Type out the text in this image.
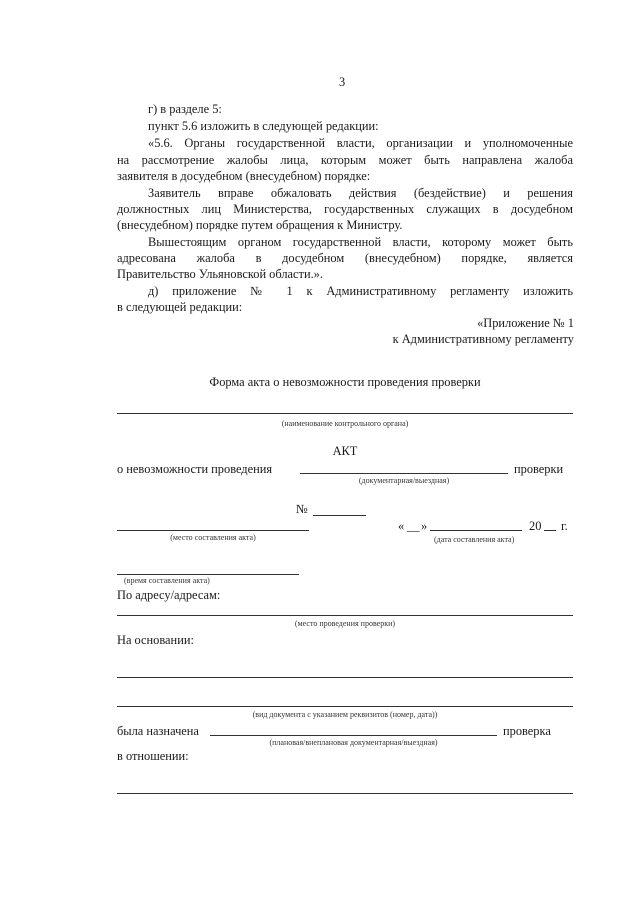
3
г) в разделе 5:
пункт 5.6 изложить в следующей редакции:
«5.6. Органы государственной власти, организации и уполномоченные
на рассмотрение жалобы лица, которым может быть направлена жалоба
заявителя в досудебном (внесудебном) порядке:
Заявитель вправе обжаловать действия (бездействие) и решения
должностных лиц Министерства, государственных служащих в досудебном
(внесудебном) порядке путем обращения к Министру.
Вышестоящим органом государственной власти, которому может быть
адресована жалоба в досудебном (внесудебном) порядке, является
Правительство Ульяновской области.».
д) приложение № 1 к Административному регламенту изложить
в следующей редакции:
«Приложение № 1
к Административному регламенту
Форма акта о невозможности проведения проверки
(наименование контрольного органа)
АКТ
о невозможности проведения	проверки
(документарная/выездная)
№
« __ »	20 г.
(место составления акта)	(дата составления акта)
(время составления акта)
По адресу/адресам:
(место проведения проверки)
На основании:
(вид документа с указанием реквизитов (номер, дата))
была назначена	проверка
(плановая/внеплановая документарная/выездная)
в отношении:
